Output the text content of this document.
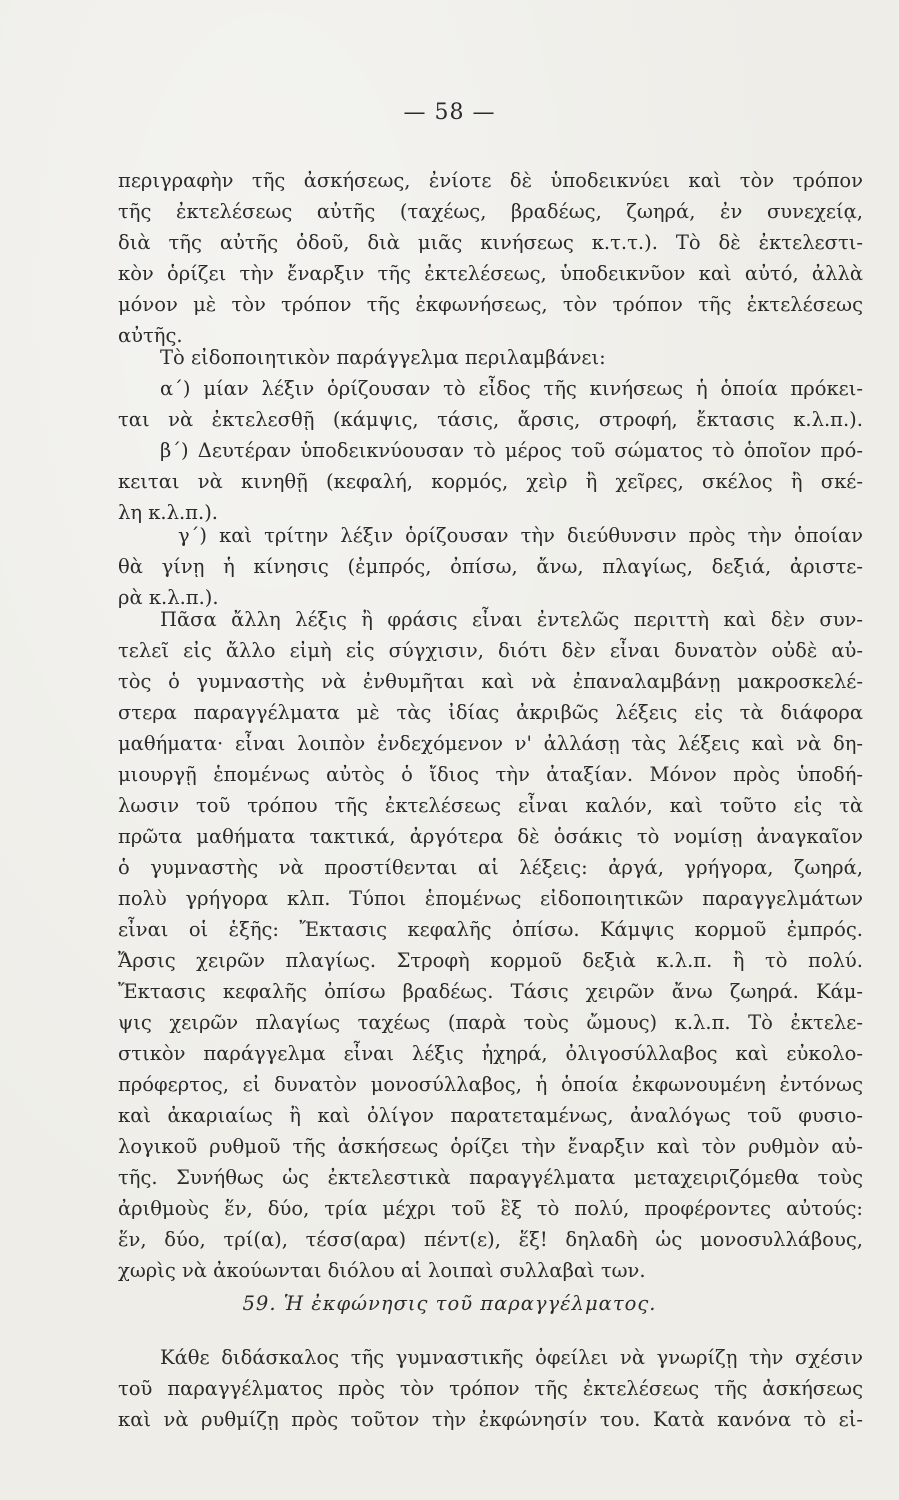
— 58 —
περιγραφὴν τῆς ἀσκήσεως, ἐνίοτε δὲ ὑποδεικνύει καὶ τὸν τρόπον
τῆς ἐκτελέσεως αὐτῆς (ταχέως, βραδέως, ζωηρά, ἐν συνεχείᾳ,
διὰ τῆς αὐτῆς ὁδοῦ, διὰ μιᾶς κινήσεως κ.τ.τ.). Τὸ δὲ ἐκτελεστι-
κὸν ὁρίζει τὴν ἔναρξιν τῆς ἐκτελέσεως, ὑποδεικνῦον καὶ αὐτό, ἀλλὰ
μόνον μὲ τὸν τρόπον τῆς ἐκφωνήσεως, τὸν τρόπον τῆς ἐκτελέσεως
αὐτῆς.
Τὸ εἰδοποιητικὸν παράγγελμα περιλαμβάνει:
α΄) μίαν λέξιν ὁρίζουσαν τὸ εἶδος τῆς κινήσεως ἡ ὁποία πρόκει-
ται νὰ ἐκτελεσθῇ (κάμψις, τάσις, ἄρσις, στροφή, ἔκτασις κ.λ.π.).
β΄) Δευτέραν ὑποδεικνύουσαν τὸ μέρος τοῦ σώματος τὸ ὁποῖον πρό-
κειται νὰ κινηθῇ (κεφαλή, κορμός, χεὶρ ἢ χεῖρες, σκέλος ἢ σκέ-
λη κ.λ.π.).
γ΄) καὶ τρίτην λέξιν ὁρίζουσαν τὴν διεύθυνσιν πρὸς τὴν ὁποίαν
θὰ γίνῃ ἡ κίνησις (ἐμπρός, ὀπίσω, ἄνω, πλαγίως, δεξιά, ἀριστε-
ρὰ κ.λ.π.).
Πᾶσα ἄλλη λέξις ἢ φράσις εἶναι ἐντελῶς περιττὴ καὶ δὲν συν-
τελεῖ εἰς ἄλλο εἰμὴ εἰς σύγχισιν, διότι δὲν εἶναι δυνατὸν οὐδὲ αὐ-
τὸς ὁ γυμναστὴς νὰ ἐνθυμῆται καὶ νὰ ἐπαναλαμβάνῃ μακροσκελέ-
στερα παραγγέλματα μὲ τὰς ἰδίας ἀκριβῶς λέξεις εἰς τὰ διάφορα
μαθήματα· εἶναι λοιπὸν ἐνδεχόμενον ν' ἀλλάσῃ τὰς λέξεις καὶ νὰ δη-
μιουργῇ ἑπομένως αὐτὸς ὁ ἴδιος τὴν ἀταξίαν. Μόνον πρὸς ὑποδή-
λωσιν τοῦ τρόπου τῆς ἐκτελέσεως εἶναι καλόν, καὶ τοῦτο εἰς τὰ
πρῶτα μαθήματα τακτικά, ἀργότερα δὲ ὁσάκις τὸ νομίσῃ ἀναγκαῖον
ὁ γυμναστὴς νὰ προστίθενται αἱ λέξεις: ἀργά, γρήγορα, ζωηρά,
πολὺ γρήγορα κλπ. Τύποι ἑπομένως εἰδοποιητικῶν παραγγελμάτων
εἶναι οἱ ἑξῆς: Ἔκτασις κεφαλῆς ὀπίσω. Κάμψις κορμοῦ ἐμπρός.
Ἄρσις χειρῶν πλαγίως. Στροφὴ κορμοῦ δεξιὰ κ.λ.π. ἢ τὸ πολύ.
Ἔκτασις κεφαλῆς ὀπίσω βραδέως. Τάσις χειρῶν ἄνω ζωηρά. Κάμ-
ψις χειρῶν πλαγίως ταχέως (παρὰ τοὺς ὤμους) κ.λ.π. Τὸ ἐκτελε-
στικὸν παράγγελμα εἶναι λέξις ἠχηρά, ὀλιγοσύλλαβος καὶ εὐκολο-
πρόφερτος, εἰ δυνατὸν μονοσύλλαβος, ἡ ὁποία ἐκφωνουμένη ἐντόνως
καὶ ἀκαριαίως ἢ καὶ ὀλίγον παρατεταμένως, ἀναλόγως τοῦ φυσιο-
λογικοῦ ρυθμοῦ τῆς ἀσκήσεως ὁρίζει τὴν ἔναρξιν καὶ τὸν ρυθμὸν αὐ-
τῆς. Συνήθως ὡς ἐκτελεστικὰ παραγγέλματα μεταχειριζόμεθα τοὺς
ἀριθμοὺς ἕν, δύο, τρία μέχρι τοῦ ἓξ τὸ πολύ, προφέροντες αὐτούς:
ἕν, δύο, τρί(α), τέσσ(αρα) πέντ(ε), ἕξ! δηλαδὴ ὡς μονοσυλλάβους,
χωρὶς νὰ ἀκούωνται διόλου αἱ λοιπαὶ συλλαβαὶ των.
59. Ἡ ἐκφώνησις τοῦ παραγγέλματος.
Κάθε διδάσκαλος τῆς γυμναστικῆς ὀφείλει νὰ γνωρίζῃ τὴν σχέσιν
τοῦ παραγγέλματος πρὸς τὸν τρόπον τῆς ἐκτελέσεως τῆς ἀσκήσεως
καὶ νὰ ρυθμίζῃ πρὸς τοῦτον τὴν ἐκφώνησίν του. Κατὰ κανόνα τὸ εἰ-
